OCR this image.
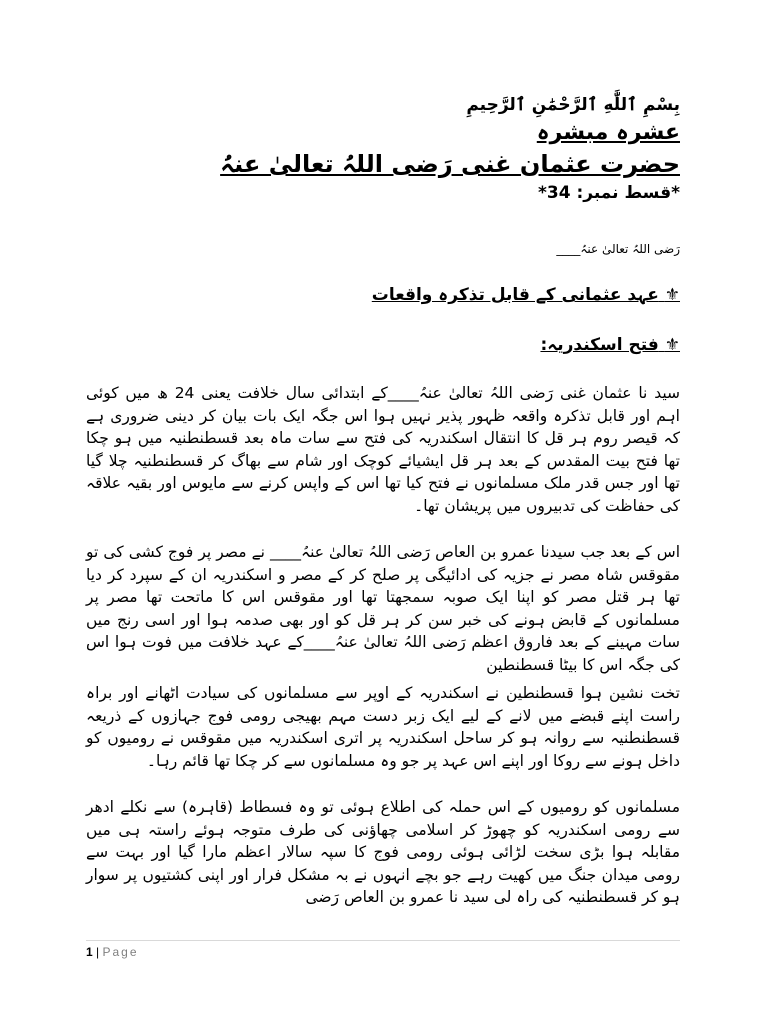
بِسْمِ ٱللَّٰهِ ٱلرَّحْمَٰنِ ٱلرَّحِيمِ
عشرہ مبشرہ
حضرت عثمان غنی رَضی اللہُ تعالیٰ عنہُ
*قسط نمبر: 34*
رَضی اللہُ تعالیٰ عنہُ____
⚜ عہد عثمانی کے قابل تذکرہ واقعات
⚜ فتح اسکندریہ:

سید نا عثمان غنی رَضی اللہُ تعالیٰ عنہُ____کے ابتدائی سال خلافت یعنی 24 ھ میں کوئی اہم اور قابل تذکرہ واقعہ ظہور پذیر نہیں ہوا اس جگہ ایک بات بیان کر دینی ضروری ہے کہ قیصر روم ہر قل کا انتقال اسکندریہ کی فتح سے سات ماہ بعد قسطنطنیہ میں ہو چکا تھا فتح بیت المقدس کے بعد ہر قل ایشیائے کوچک اور شام سے بھاگ کر قسطنطنیہ چلا گیا تھا اور جس قدر ملک مسلمانوں نے فتح کیا تھا اس کے واپس کرنے سے مایوس اور بقیہ علاقہ کی حفاظت کی تدبیروں میں پریشان تھا۔

اس کے بعد جب سیدنا عمرو بن العاص رَضی اللہُ تعالیٰ عنہُ____ نے مصر پر فوج کشی کی تو مقوقس شاہ مصر نے جزیہ کی ادائیگی پر صلح کر کے مصر و اسکندریہ ان کے سپرد کر دیا تھا ہر قتل مصر کو اپنا ایک صوبہ سمجھتا تھا اور مقوقس اس کا ماتحت تھا مصر پر مسلمانوں کے قابض ہونے کی خبر سن کر ہر قل کو اور بھی صدمہ ہوا اور اسی رنج میں سات مہینے کے بعد فاروق اعظم رَضی اللہُ تعالیٰ عنہُ____کے عہد خلافت میں فوت ہوا اس کی جگہ اس کا بیٹا قسطنطین

تخت نشین ہوا قسطنطین نے اسکندریہ کے اوپر سے مسلمانوں کی سیادت اٹھانے اور براہ راست اپنے قبضے میں لانے کے لیے ایک زبر دست مہم بھیجی رومی فوج جہازوں کے ذریعہ قسطنطنیہ سے روانہ ہو کر ساحل اسکندریہ پر اتری اسکندریہ میں مقوقس نے رومیوں کو داخل ہونے سے روکا اور اپنے اس عہد پر جو وہ مسلمانوں سے کر چکا تھا قائم رہا۔

مسلمانوں کو رومیوں کے اس حملہ کی اطلاع ہوئی تو وہ فسطاط (قاہرہ) سے نکلے ادھر سے رومی اسکندریہ کو چھوڑ کر اسلامی چھاؤنی کی طرف متوجہ ہوئے راستہ ہی میں مقابلہ ہوا بڑی سخت لڑائی ہوئی رومی فوج کا سپہ سالار اعظم مارا گیا اور بہت سے رومی میدان جنگ میں کھیت رہے جو بچے انہوں نے بہ مشکل فرار اور اپنی کشتیوں پر سوار ہو کر قسطنطنیہ کی راہ لی سید نا عمرو بن العاص رَضی

1 | Page
